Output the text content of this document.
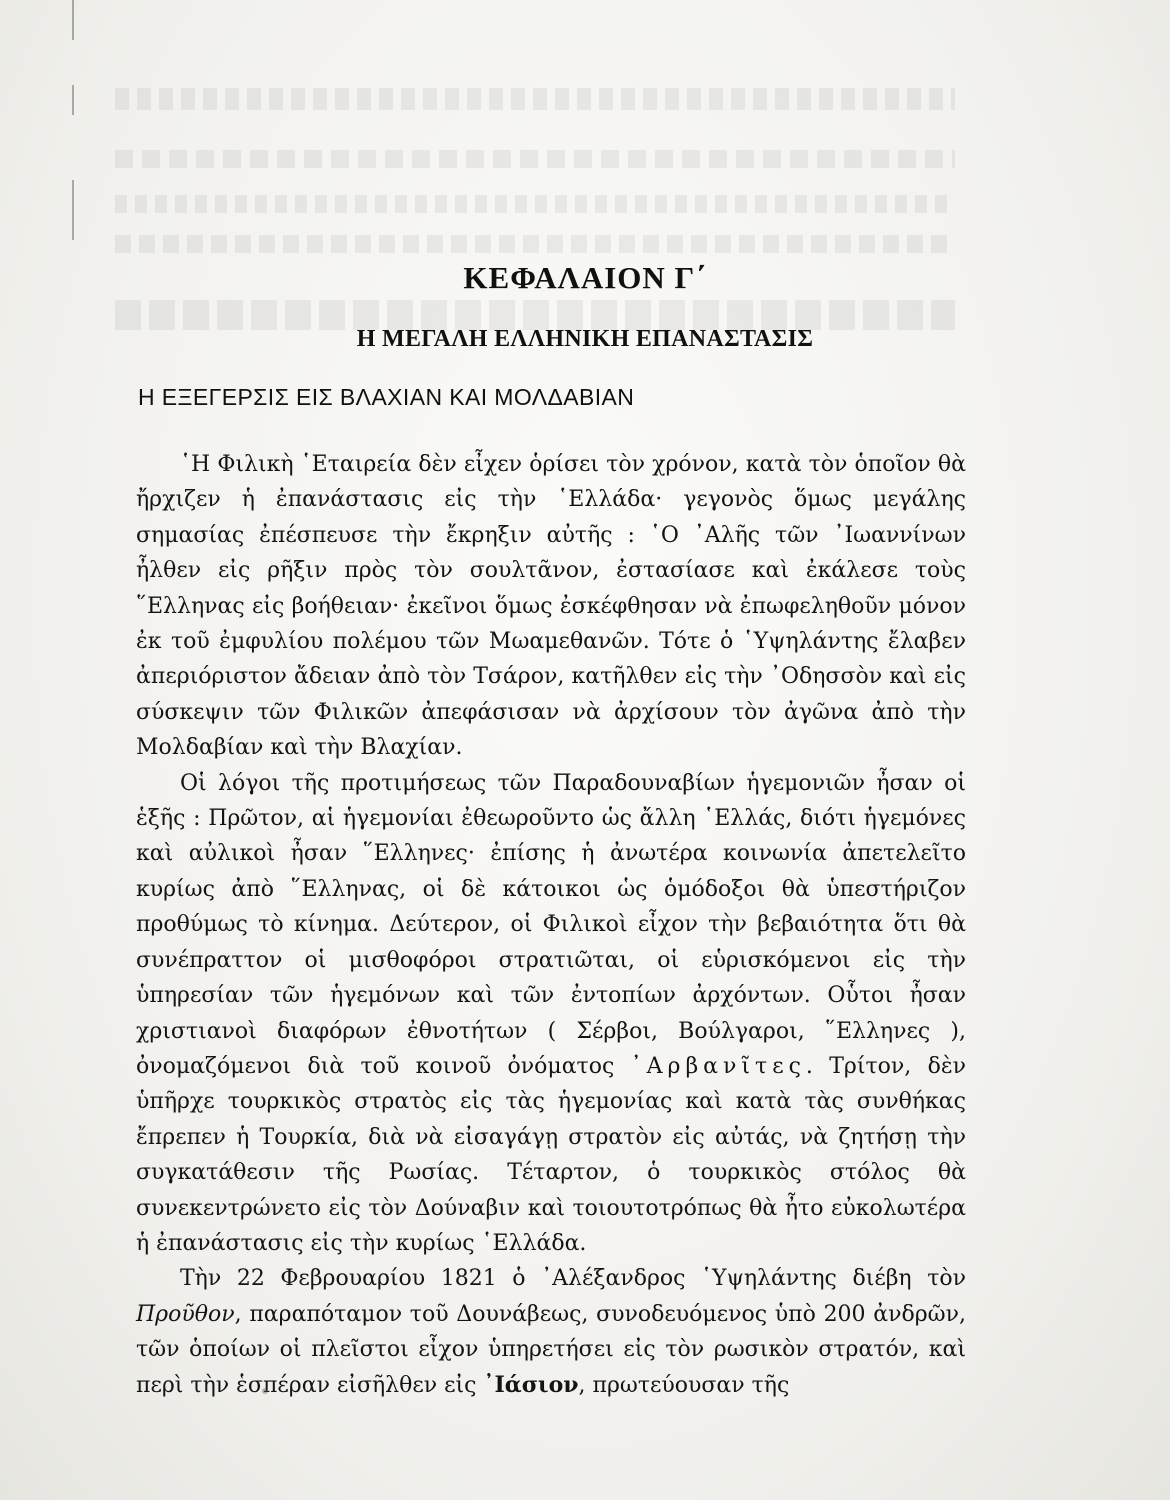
ΚΕΦΑΛΑΙΟΝ Γ΄
Η ΜΕΓΑΛΗ ΕΛΛΗΝΙΚΗ ΕΠΑΝΑΣΤΑΣΙΣ
Η ΕΞΕΓΕΡΣΙΣ ΕΙΣ ΒΛΑΧΙΑΝ ΚΑΙ ΜΟΛΔΑΒΙΑΝ

῾Η Φιλικὴ ῾Εταιρεία δὲν εἶχεν ὁρίσει τὸν χρόνον, κατὰ τὸν ὁποῖον θὰ ἤρχιζεν ἡ ἐπανάστασις εἰς τὴν ῾Ελλάδα· γεγονὸς ὅμως μεγάλης σημασίας ἐπέσπευσε τὴν ἔκρηξιν αὐτῆς : ῾Ο ᾿Αλῆς τῶν ᾿Ιωαννίνων ἦλθεν εἰς ρῆξιν πρὸς τὸν σουλτᾶνον, ἐστασίασε καὶ ἐκάλεσε τοὺς ῞Ελληνας εἰς βοήθειαν· ἐκεῖνοι ὅμως ἐσκέφθησαν νὰ ἐπωφεληθοῦν μόνον ἐκ τοῦ ἐμφυλίου πολέμου τῶν Μωαμεθανῶν. Τότε ὁ ῾Υψηλάντης ἔλαβεν ἀπεριόριστον ἄδειαν ἀπὸ τὸν Τσάρον, κατῆλθεν εἰς τὴν ᾿Οδησσὸν καὶ εἰς σύσκεψιν τῶν Φιλικῶν ἀπεφάσισαν νὰ ἀρχίσουν τὸν ἀγῶνα ἀπὸ τὴν Μολδαβίαν καὶ τὴν Βλαχίαν.

Οἱ λόγοι τῆς προτιμήσεως τῶν Παραδουναβίων ἡγεμονιῶν ἦσαν οἱ ἑξῆς : Πρῶτον, αἱ ἡγεμονίαι ἐθεωροῦντο ὡς ἄλλη ῾Ελλάς, διότι ἡγεμόνες καὶ αὐλικοὶ ἦσαν ῞Ελληνες· ἐπίσης ἡ ἀνωτέρα κοινωνία ἀπετελεῖτο κυρίως ἀπὸ ῞Ελληνας, οἱ δὲ κάτοικοι ὡς ὁμόδοξοι θὰ ὑπεστήριζον προθύμως τὸ κίνημα. Δεύτερον, οἱ Φιλικοὶ εἶχον τὴν βεβαιότητα ὅτι θὰ συνέπραττον οἱ μισθοφόροι στρατιῶται, οἱ εὑρισκόμενοι εἰς τὴν ὑπηρεσίαν τῶν ἡγεμόνων καὶ τῶν ἐντοπίων ἀρχόντων. Οὗτοι ἦσαν χριστιανοὶ διαφόρων ἐθνοτήτων ( Σέρβοι, Βούλγαροι, ῞Ελληνες ), ὀνομαζόμενοι διὰ τοῦ κοινοῦ ὀνόματος ᾿Αρβανῖτες. Τρίτον, δὲν ὑπῆρχε τουρκικὸς στρατὸς εἰς τὰς ἡγεμονίας καὶ κατὰ τὰς συνθήκας ἔπρεπεν ἡ Τουρκία, διὰ νὰ εἰσαγάγῃ στρατὸν εἰς αὐτάς, νὰ ζητήσῃ τὴν συγκατάθεσιν τῆς Ρωσίας. Τέταρτον, ὁ τουρκικὸς στόλος θὰ συνεκεντρώνετο εἰς τὸν Δούναβιν καὶ τοιουτοτρόπως θὰ ἦτο εὐκολωτέρα ἡ ἐπανάστασις εἰς τὴν κυρίως ῾Ελλάδα.

Τὴν 22 Φεβρουαρίου 1821 ὁ ᾿Αλέξανδρος ῾Υψηλάντης διέβη τὸν Προῦθον, παραπόταμον τοῦ Δουνάβεως, συνοδευόμενος ὑπὸ 200 ἀνδρῶν, τῶν ὁποίων οἱ πλεῖστοι εἶχον ὑπηρετήσει εἰς τὸν ρωσικὸν στρατόν, καὶ περὶ τὴν ἑσπέραν εἰσῆλθεν εἰς ᾿Ιάσιον, πρωτεύουσαν τῆς
